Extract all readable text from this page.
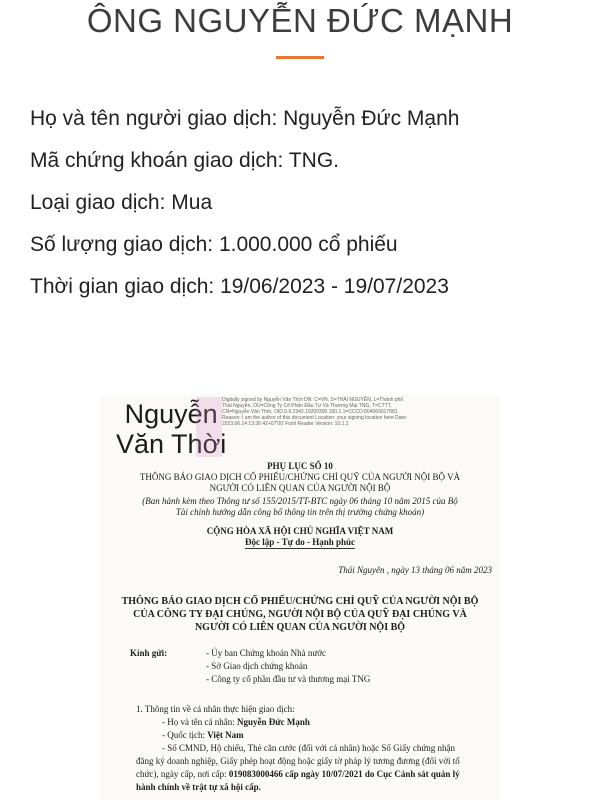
ÔNG NGUYỄN ĐỨC MẠNH
Họ và tên người giao dịch: Nguyễn Đức Mạnh
Mã chứng khoán giao dịch: TNG.
Loại giao dịch: Mua
Số lượng giao dịch: 1.000.000 cổ phiếu
Thời gian giao dịch: 19/06/2023 - 19/07/2023
Nguyễn
Văn Thời
Digitally signed by Nguyễn Văn Thời DN: C=VN, S=THÁI NGUYÊN, L=Thành phố Thái Nguyên, OU=Công Ty Cổ Phần Đầu Tư Và Thương Mại TNG, T=CTTT, CN=Nguyễn Văn Thời, OID.0.9.2342.19200300.100.1.1=CCCD:004060017081 Reason: I am the author of this document Location: your signing location here Date: 2023.06.14 13:36:42+07'00' Foxit Reader Version: 10.1.1
PHỤ LỤC SỐ 10
THÔNG BÁO GIAO DỊCH CỔ PHIẾU/CHỨNG CHỈ QUỸ CỦA NGƯỜI NỘI BỘ VÀ
NGƯỜI CÓ LIÊN QUAN CỦA NGƯỜI NỘI BỘ
(Ban hành kèm theo Thông tư số 155/2015/TT-BTC ngày 06 tháng 10 năm 2015 của Bộ
Tài chính hướng dẫn công bố thông tin trên thị trường chứng khoán)
CỘNG HÒA XÃ HỘI CHỦ NGHĨA VIỆT NAM
Độc lập - Tự do - Hạnh phúc
Thái Nguyên , ngày 13 tháng 06 năm 2023
THÔNG BÁO GIAO DỊCH CỔ PHIẾU/CHỨNG CHỈ QUỸ CỦA NGƯỜI NỘI BỘ
CỦA CÔNG TY ĐẠI CHÚNG, NGƯỜI NỘI BỘ CỦA QUỸ ĐẠI CHÚNG VÀ
NGƯỜI CÓ LIÊN QUAN CỦA NGƯỜI NỘI BỘ
Kính gửi:	- Ủy ban Chứng khoán Nhà nước
- Sở Giao dịch chứng khoán
- Công ty cổ phần đầu tư và thương mại TNG
1. Thông tin về cá nhân thực hiện giao dịch:
- Họ và tên cá nhân: Nguyễn Đức Mạnh
- Quốc tịch: Việt Nam
- Số CMND, Hộ chiếu, Thẻ căn cước (đối với cá nhân) hoặc Số Giấy chứng nhận
đăng ký doanh nghiệp, Giấy phép hoạt động hoặc giấy tờ pháp lý tương đương (đối với tổ
chức), ngày cấp, nơi cấp: 019083000466 cấp ngày 10/07/2021 do Cục Cảnh sát quản lý
hành chính về trật tự xã hội cấp.
